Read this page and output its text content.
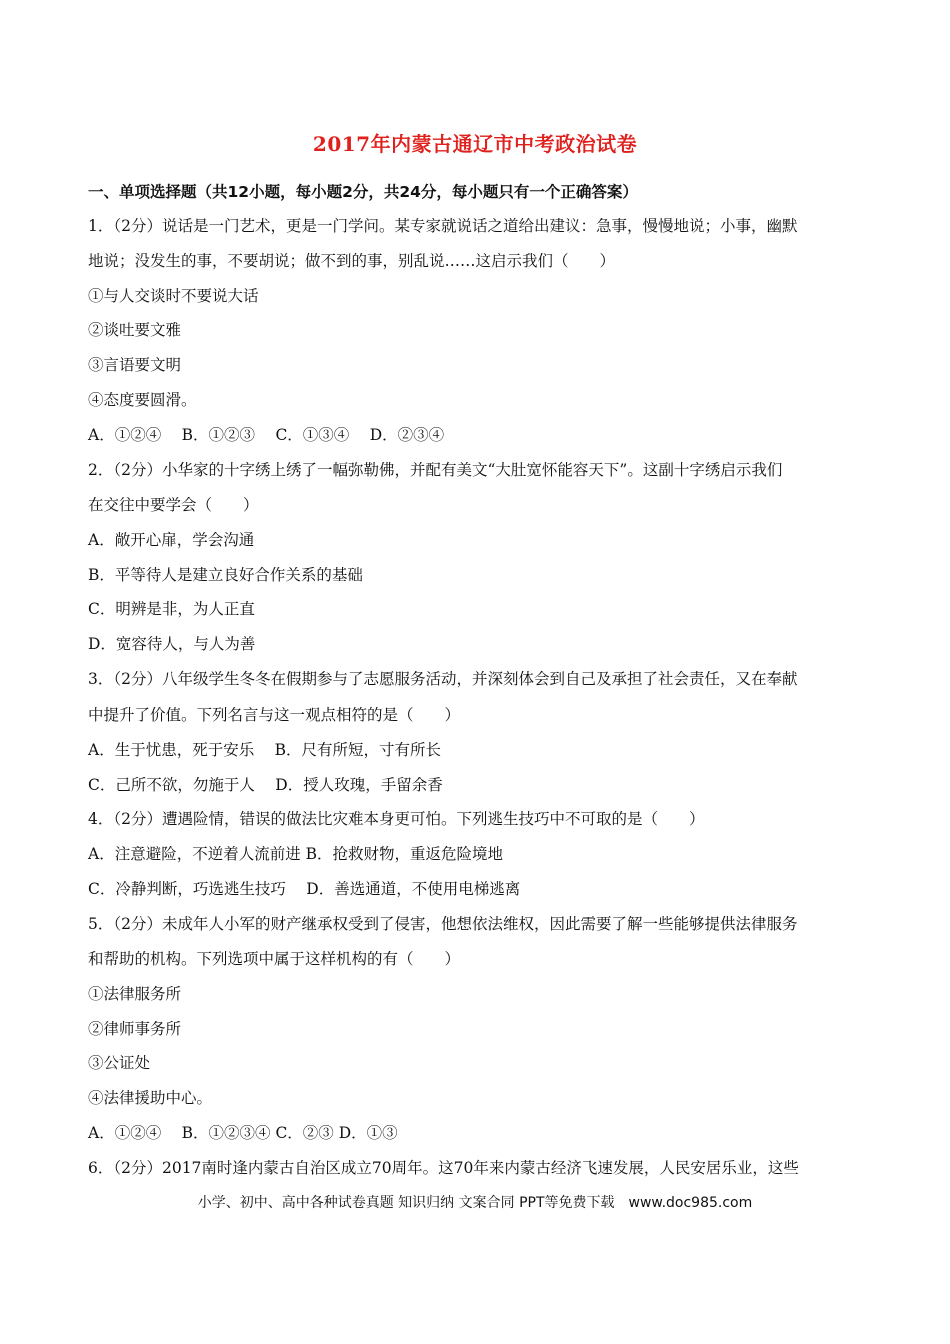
2017年内蒙古通辽市中考政治试卷
一、单项选择题（共12小题，每小题2分，共24分，每小题只有一个正确答案）
1．（2分）说话是一门艺术，更是一门学问。某专家就说话之道给出建议：急事，慢慢地说；小事，幽默
地说；没发生的事，不要胡说；做不到的事，别乱说……这启示我们（　　）
①与人交谈时不要说大话
②谈吐要文雅
③言语要文明
④态度要圆滑。
A．①②④　 B．①②③　 C．①③④　 D．②③④
2．（2分）小华家的十字绣上绣了一幅弥勒佛，并配有美文“大肚宽怀能容天下”。这副十字绣启示我们
在交往中要学会（　　）
A．敞开心扉，学会沟通
B．平等待人是建立良好合作关系的基础
C．明辨是非，为人正直
D．宽容待人，与人为善
3．（2分）八年级学生冬冬在假期参与了志愿服务活动，并深刻体会到自己及承担了社会责任，又在奉献
中提升了价值。下列名言与这一观点相符的是（　　）
A．生于忧患，死于安乐　 B．尺有所短，寸有所长
C．己所不欲，勿施于人　 D．授人玫瑰，手留余香
4．（2分）遭遇险情，错误的做法比灾难本身更可怕。下列逃生技巧中不可取的是（　　）
A．注意避险，不逆着人流前进 B．抢救财物，重返危险境地
C．冷静判断，巧选逃生技巧　 D．善选通道，不使用电梯逃离
5．（2分）未成年人小军的财产继承权受到了侵害，他想依法维权，因此需要了解一些能够提供法律服务
和帮助的机构。下列选项中属于这样机构的有（　　）
①法律服务所
②律师事务所
③公证处
④法律援助中心。
A．①②④　 B．①②③④ C．②③ D．①③
6．（2分）2017南时逢内蒙古自治区成立70周年。这70年来内蒙古经济飞速发展，人民安居乐业，这些
小学、初中、高中各种试卷真题 知识归纳 文案合同 PPT等免费下载　www.doc985.com
